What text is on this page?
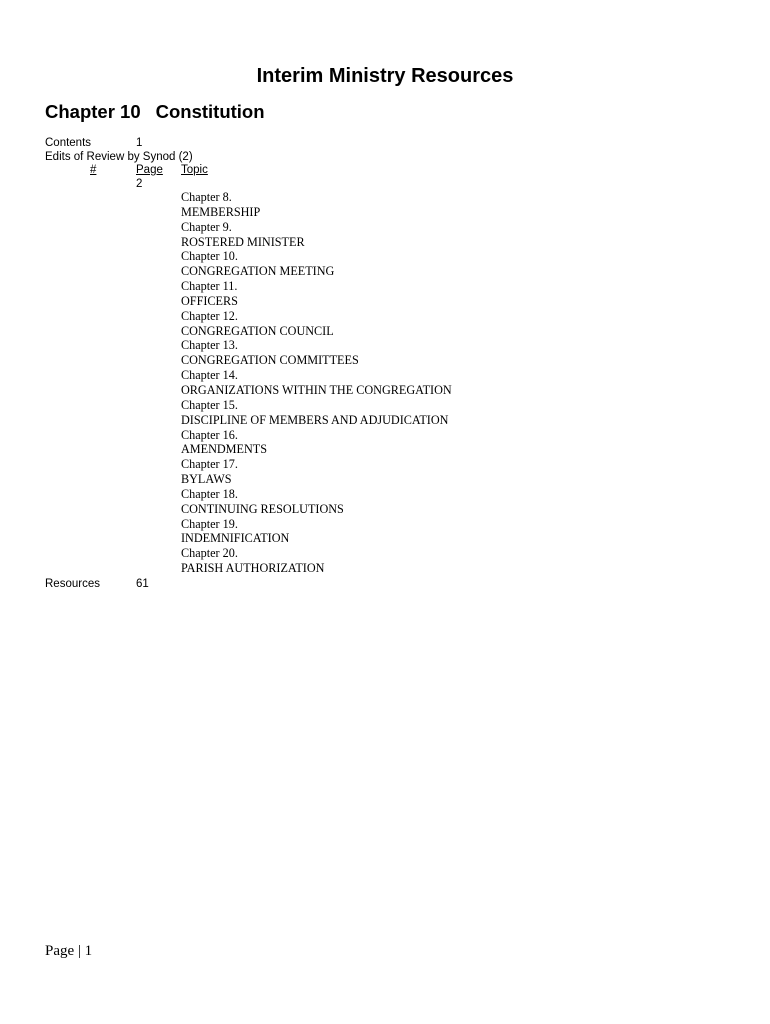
Interim Ministry Resources
Chapter 10 Constitution
Contents	1
Edits of Review by Synod (2)
#	Page Topic
2
Chapter 8.
MEMBERSHIP
Chapter 9.
ROSTERED MINISTER
Chapter 10.
CONGREGATION MEETING
Chapter 11.
OFFICERS
Chapter 12.
CONGREGATION COUNCIL
Chapter 13.
CONGREGATION COMMITTEES
Chapter 14.
ORGANIZATIONS WITHIN THE CONGREGATION
Chapter 15.
DISCIPLINE OF MEMBERS AND ADJUDICATION
Chapter 16.
AMENDMENTS
Chapter 17.
BYLAWS
Chapter 18.
CONTINUING RESOLUTIONS
Chapter 19.
INDEMNIFICATION
Chapter 20.
PARISH AUTHORIZATION
Resources	61
Page | 1
